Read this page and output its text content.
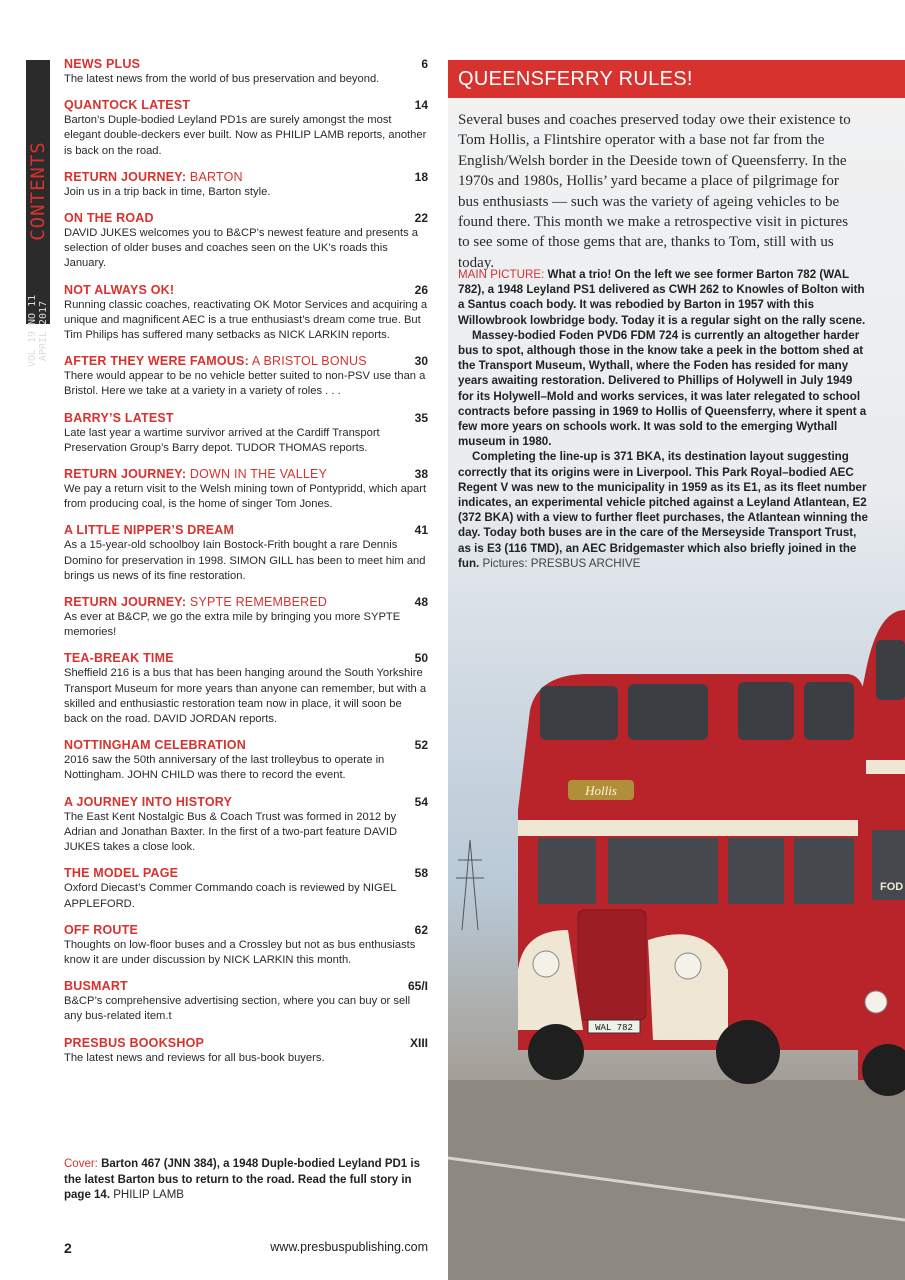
CONTENTS
VOL 19 NO 11 APRIL 2017
NEWS PLUS	6
The latest news from the world of bus preservation and beyond.
QUANTOCK LATEST	14
Barton’s Duple-bodied Leyland PD1s are surely amongst the most elegant double-deckers ever built. Now as PHILIP LAMB reports, another is back on the road.
RETURN JOURNEY: BARTON	18
Join us in a trip back in time, Barton style.
ON THE ROAD	22
DAVID JUKES welcomes you to B&CP’s newest feature and presents a selection of older buses and coaches seen on the UK’s roads this January.
NOT ALWAYS OK!	26
Running classic coaches, reactivating OK Motor Services and acquiring a unique and magnificent AEC is a true enthusiast’s dream come true. But Tim Philips has suffered many setbacks as NICK LARKIN reports.
AFTER THEY WERE FAMOUS: A BRISTOL BONUS	30
There would appear to be no vehicle better suited to non-PSV use than a Bristol. Here we take at a variety in a variety of roles . . .
BARRY’S LATEST	35
Late last year a wartime survivor arrived at the Cardiff Transport Preservation Group’s Barry depot. TUDOR THOMAS reports.
RETURN JOURNEY: DOWN IN THE VALLEY	38
We pay a return visit to the Welsh mining town of Pontypridd, which apart from producing coal, is the home of singer Tom Jones.
A LITTLE NIPPER’S DREAM	41
As a 15-year-old schoolboy Iain Bostock-Frith bought a rare Dennis Domino for preservation in 1998. SIMON GILL has been to meet him and brings us news of its fine restoration.
RETURN JOURNEY: SYPTE REMEMBERED	48
As ever at B&CP, we go the extra mile by bringing you more SYPTE memories!
TEA-BREAK TIME	50
Sheffield 216 is a bus that has been hanging around the South Yorkshire Transport Museum for more years than anyone can remember, but with a skilled and enthusiastic restoration team now in place, it will soon be back on the road. DAVID JORDAN reports.
NOTTINGHAM CELEBRATION	52
2016 saw the 50th anniversary of the last trolleybus to operate in Nottingham. JOHN CHILD was there to record the event.
A JOURNEY INTO HISTORY	54
The East Kent Nostalgic Bus & Coach Trust was formed in 2012 by Adrian and Jonathan Baxter. In the first of a two-part feature DAVID JUKES takes a close look.
THE MODEL PAGE	58
Oxford Diecast’s Commer Commando coach is reviewed by NIGEL APPLEFORD.
OFF ROUTE	62
Thoughts on low-floor buses and a Crossley but not as bus enthusiasts know it are under discussion by NICK LARKIN this month.
BUSMART	65/I
B&CP’s comprehensive advertising section, where you can buy or sell any bus-related item.t
PRESBUS BOOKSHOP	XIII
The latest news and reviews for all bus-book buyers.
Cover: Barton 467 (JNN 384), a 1948 Duple-bodied Leyland PD1 is the latest Barton bus to return to the road. Read the full story in page 14. PHILIP LAMB
2	www.presbuspublishing.com
QUEENSFERRY RULES!
Several buses and coaches preserved today owe their existence to Tom Hollis, a Flintshire operator with a base not far from the English/Welsh border in the Deeside town of Queensferry. In the 1970s and 1980s, Hollis’ yard became a place of pilgrimage for bus enthusiasts — such was the variety of ageing vehicles to be found there. This month we make a retrospective visit in pictures to see some of those gems that are, thanks to Tom, still with us today.

MAIN PICTURE: What a trio! On the left we see former Barton 782 (WAL 782), a 1948 Leyland PS1 delivered as CWH 262 to Knowles of Bolton with a Santus coach body. It was rebodied by Barton in 1957 with this Willowbrook lowbridge body. Today it is a regular sight on the rally scene.

Massey-bodied Foden PVD6 FDM 724 is currently an altogether harder bus to spot, although those in the know take a peek in the bottom shed at the Transport Museum, Wythall, where the Foden has resided for many years awaiting restoration. Delivered to Phillips of Holywell in July 1949 for its Holywell–Mold and works services, it was later relegated to school contracts before passing in 1969 to Hollis of Queensferry, where it spent a few more years on schools work. It was sold to the emerging Wythall museum in 1980.

Completing the line-up is 371 BKA, its destination layout suggesting correctly that its origins were in Liverpool. This Park Royal–bodied AEC Regent V was new to the municipality in 1959 as its E1, as its fleet number indicates, an experimental vehicle pitched against a Leyland Atlantean, E2 (372 BKA) with a view to further fleet purchases, the Atlantean winning the day. Today both buses are in the care of the Merseyside Transport Trust, as is E3 (116 TMD), an AEC Bridgemaster which also briefly joined in the fun. Pictures: PRESBUS ARCHIVE

Hollis
WAL 782
FOD
